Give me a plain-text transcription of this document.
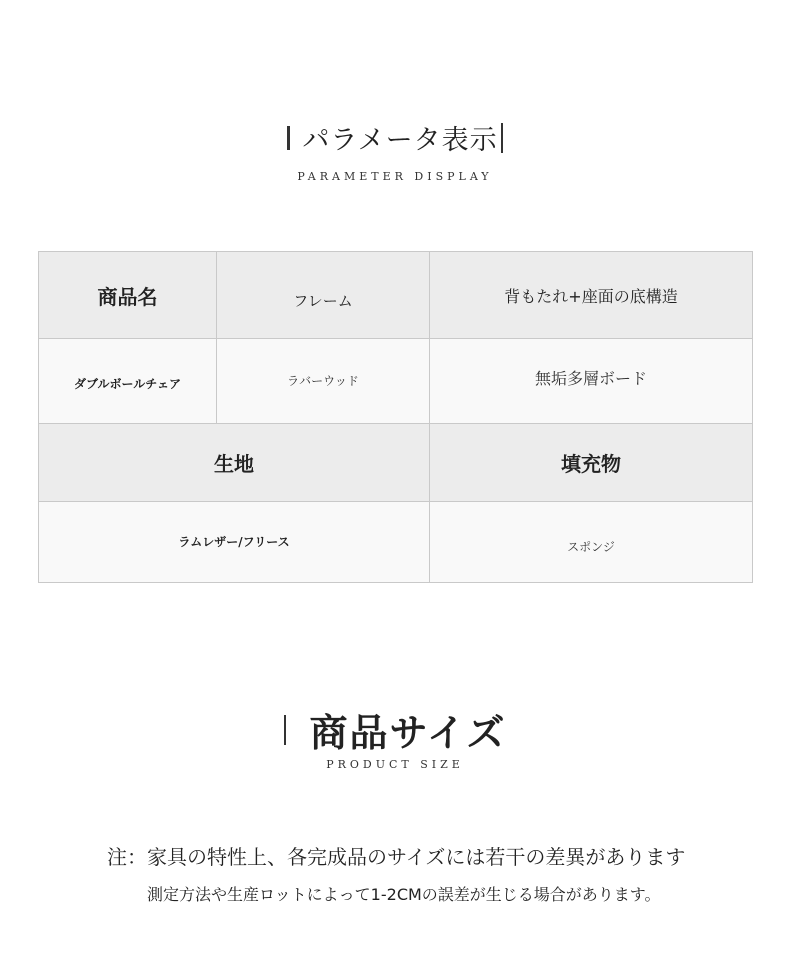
パラメータ表示
PARAMETER DISPLAY
商品名	フレーム	背もたれ+座面の底構造
ダブルボールチェア	ラバーウッド	無垢多層ボード
生地		填充物
ラムレザー/フリース		スポンジ
商品サイズ
PRODUCT SIZE
注：家具の特性上、各完成品のサイズには若干の差異があります
測定方法や生産ロットによって1-2CMの誤差が生じる場合があります。
